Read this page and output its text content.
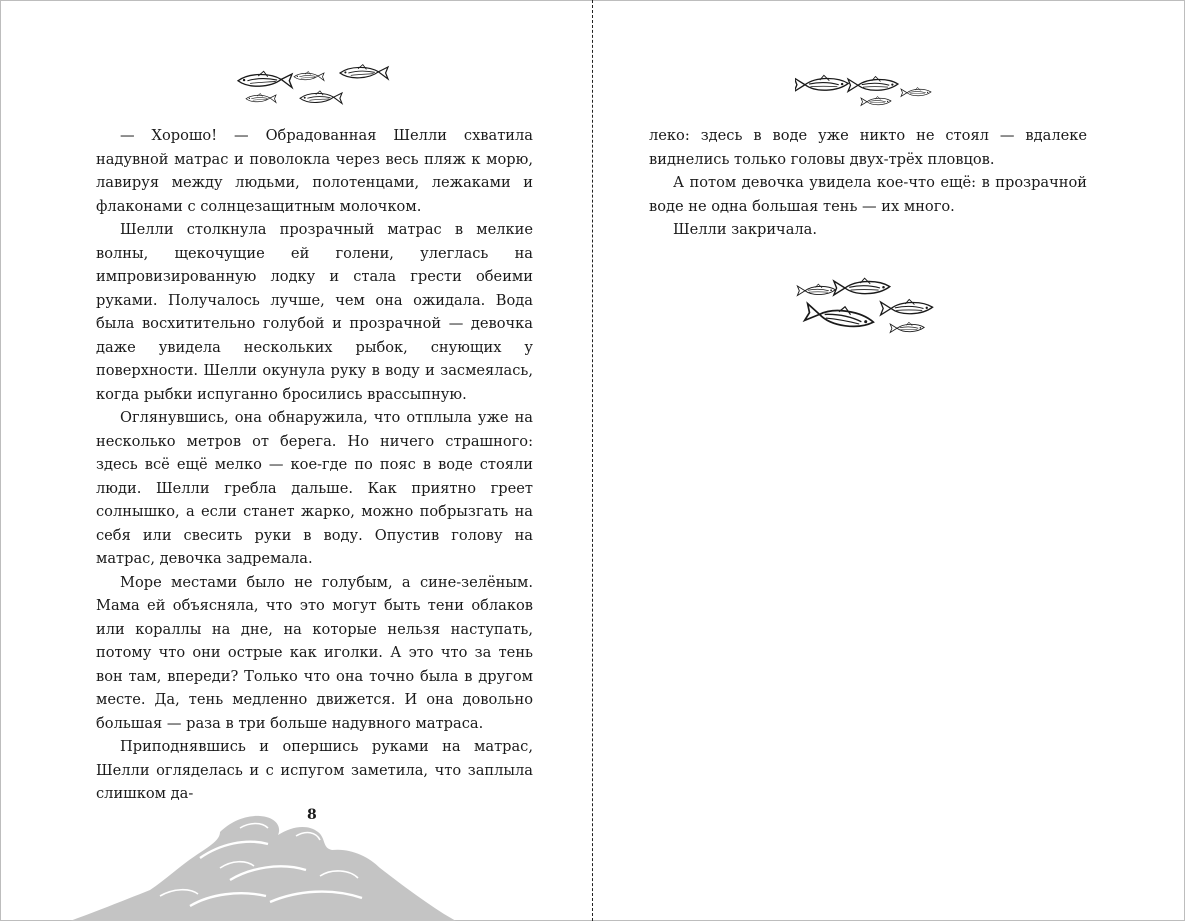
— Хорошо! — Обрадованная Шелли схватила надувной матрас и поволокла через весь пляж к морю, лавируя между людьми, полотенцами, лежаками и флаконами с солнцезащитным молочком.

Шелли столкнула прозрачный матрас в мелкие волны, щекочущие ей голени, улеглась на импровизированную лодку и стала грести обеими руками. Получалось лучше, чем она ожидала. Вода была восхитительно голубой и прозрачной — девочка даже увидела нескольких рыбок, снующих у поверхности. Шелли окунула руку в воду и засмеялась, когда рыбки испуганно бросились врассыпную.

Оглянувшись, она обнаружила, что отплыла уже на несколько метров от берега. Но ничего страшного: здесь всё ещё мелко — кое-где по пояс в воде стояли люди. Шелли гребла дальше. Как приятно греет солнышко, а если станет жарко, можно побрызгать на себя или свесить руки в воду. Опустив голову на матрас, девочка задремала.

Море местами было не голубым, а сине-зелёным. Мама ей объясняла, что это могут быть тени облаков или кораллы на дне, на которые нельзя наступать, потому что они острые как иголки. А это что за тень вон там, впереди? Только что она точно была в другом месте. Да, тень медленно движется. И она довольно большая — раза в три больше надувного матраса.

Приподнявшись и опершись руками на матрас, Шелли огляделась и с испугом заметила, что заплыла слишком да-

8

леко: здесь в воде уже никто не стоял — вдалеке виднелись только головы двух-трёх пловцов.

А потом девочка увидела кое-что ещё: в прозрачной воде не одна большая тень — их много.

Шелли закричала.
